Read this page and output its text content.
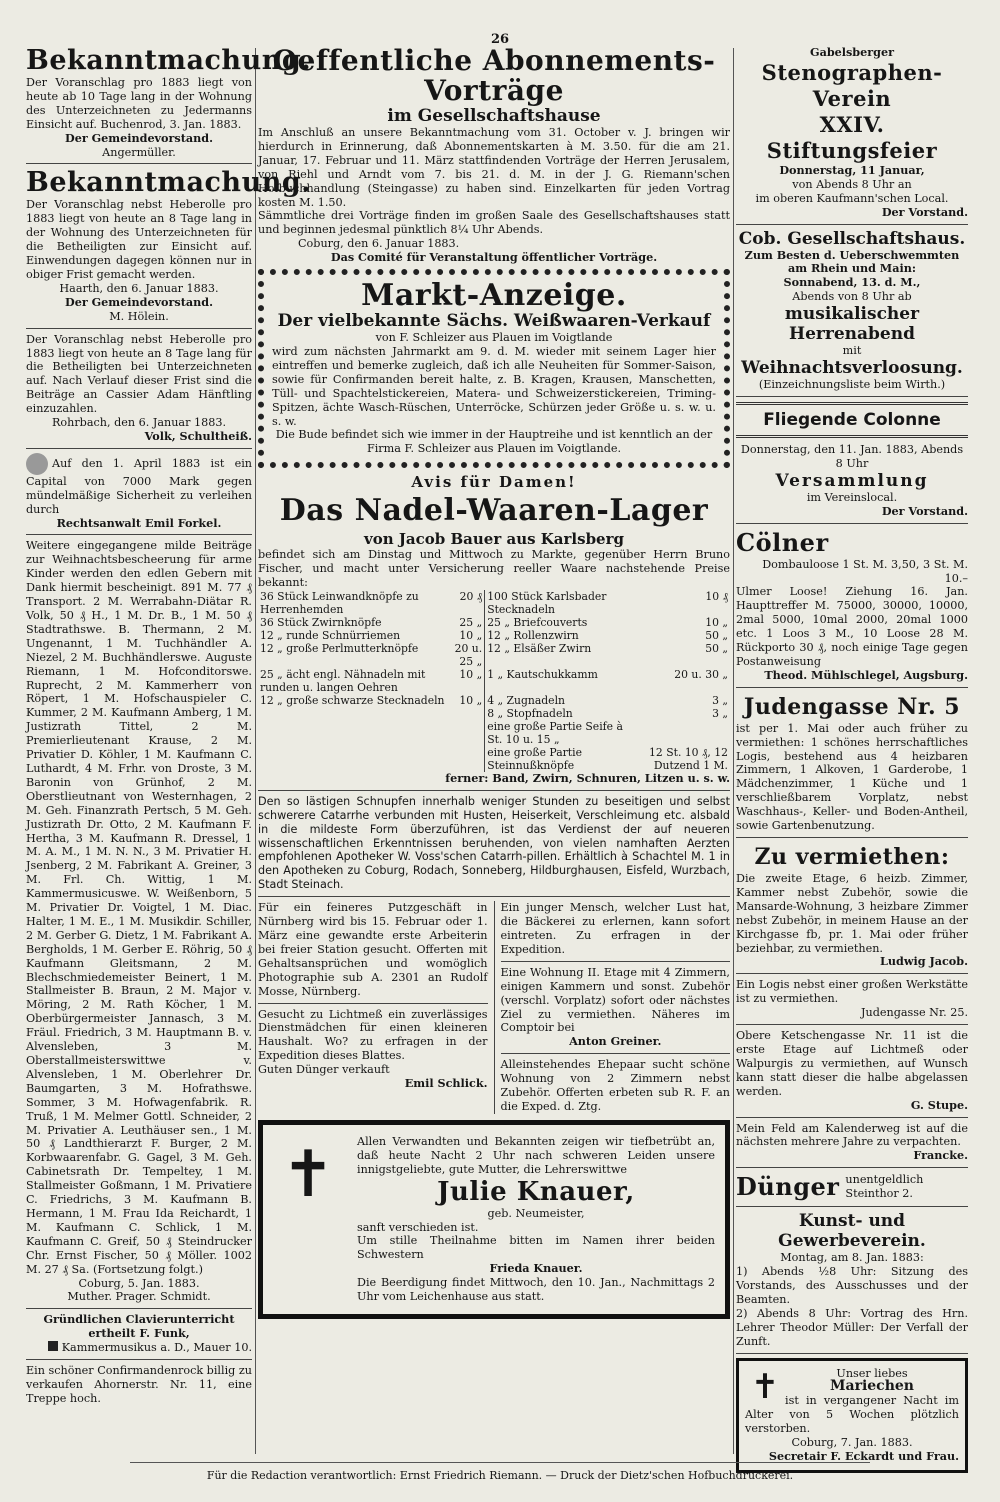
26
Bekanntmachung.

Der Voranschlag pro 1883 liegt von heute ab 10 Tage lang in der Wohnung des Unterzeichneten zu Jedermanns Einsicht auf. Buchenrod, 3. Jan. 1883.

Der Gemeindevorstand.

Angermüller.

Bekanntmachung.

Der Voranschlag nebst Heberolle pro 1883 liegt von heute an 8 Tage lang in der Wohnung des Unterzeichneten für die Betheiligten zur Einsicht auf. Einwendungen dagegen können nur in obiger Frist gemacht werden.

Haarth, den 6. Januar 1883.

Der Gemeindevorstand.

M. Hölein.

Der Voranschlag nebst Heberolle pro 1883 liegt von heute an 8 Tage lang für die Betheiligten bei Unterzeichneten auf. Nach Verlauf dieser Frist sind die Beiträge an Cassier Adam Hänftling einzuzahlen.

Rohrbach, den 6. Januar 1883.

Volk, Schultheiß.

Auf den 1. April 1883 ist ein Capital von 7000 Mark gegen mündelmäßige Sicherheit zu verleihen durch

Rechtsanwalt Emil Forkel.

Weitere eingegangene milde Beiträge zur Weihnachtsbescheerung für arme Kinder werden den edlen Gebern mit Dank hiermit bescheinigt. 891 M. 77 ₰ Transport. 2 M. Werrabahn-Diätar R. Volk, 50 ₰ H., 1 M. Dr. B., 1 M. 50 ₰ Stadtrathswe. B. Thermann, 2 M. Ungenannt, 1 M. Tuchhändler A. Niezel, 2 M. Buchhändlerswe. Auguste Riemann, 1 M. Hofconditorswe. Ruprecht, 2 M. Kammerherr von Röpert, 1 M. Hofschauspieler C. Kummer, 2 M. Kaufmann Amberg, 1 M. Justizrath Tittel, 2 M. Premierlieutenant Krause, 2 M. Privatier D. Köhler, 1 M. Kaufmann C. Luthardt, 4 M. Frhr. von Droste, 3 M. Baronin von Grünhof, 2 M. Oberstlieutnant von Westernhagen, 2 M. Geh. Finanzrath Pertsch, 5 M. Geh. Justizrath Dr. Otto, 2 M. Kaufmann F. Hertha, 3 M. Kaufmann R. Dressel, 1 M. A. M., 1 M. N. N., 3 M. Privatier H. Jsenberg, 2 M. Fabrikant A. Greiner, 3 M. Frl. Ch. Wittig, 1 M. Kammermusicuswe. W. Weißenborn, 5 M. Privatier Dr. Voigtel, 1 M. Diac. Halter, 1 M. E., 1 M. Musikdir. Schiller, 2 M. Gerber G. Dietz, 1 M. Fabrikant A. Bergholds, 1 M. Gerber E. Röhrig, 50 ₰ Kaufmann Gleitsmann, 2 M. Blechschmiedemeister Beinert, 1 M. Stallmeister B. Braun, 2 M. Major v. Möring, 2 M. Rath Köcher, 1 M. Oberbürgermeister Jannasch, 3 M. Fräul. Friedrich, 3 M. Hauptmann B. v. Alvensleben, 3 M. Oberstallmeisterswittwe v. Alvensleben, 1 M. Oberlehrer Dr. Baumgarten, 3 M. Hofrathswe. Sommer, 3 M. Hofwagenfabrik. R. Truß, 1 M. Melmer Gottl. Schneider, 2 M. Privatier A. Leuthäuser sen., 1 M. 50 ₰ Landthierarzt F. Burger, 2 M. Korbwaarenfabr. G. Gagel, 3 M. Geh. Cabinetsrath Dr. Tempeltey, 1 M. Stallmeister Goßmann, 1 M. Privatiere C. Friedrichs, 3 M. Kaufmann B. Hermann, 1 M. Frau Ida Reichardt, 1 M. Kaufmann C. Schlick, 1 M. Kaufmann C. Greif, 50 ₰ Steindrucker Chr. Ernst Fischer, 50 ₰ Möller. 1002 M. 27 ₰ Sa. (Fortsetzung folgt.)

Coburg, 5. Jan. 1883.

Muther. Prager. Schmidt.

Gründlichen Clavierunterricht

ertheilt F. Funk,

Kammermusikus a. D., Mauer 10.

Ein schöner Confirmandenrock billig zu verkaufen Ahornerstr. Nr. 11, eine Treppe hoch.

Oeffentliche Abonnements-Vorträge
im Gesellschaftshause

Im Anschluß an unsere Bekanntmachung vom 31. October v. J. bringen wir hierdurch in Erinnerung, daß Abonnementskarten à M. 3.50. für die am 21. Januar, 17. Februar und 11. März stattfindenden Vorträge der Herren Jerusalem, von Riehl und Arndt vom 7. bis 21. d. M. in der J. G. Riemann'schen Hofbuchhandlung (Steingasse) zu haben sind. Einzelkarten für jeden Vortrag kosten M. 1.50.

Sämmtliche drei Vorträge finden im großen Saale des Gesellschaftshauses statt und beginnen jedesmal pünktlich 8¼ Uhr Abends.

Coburg, den 6. Januar 1883.

Das Comité für Veranstaltung öffentlicher Vorträge.

Markt-Anzeige.
Der vielbekannte Sächs. Weißwaaren-Verkauf

von F. Schleizer aus Plauen im Voigtlande

wird zum nächsten Jahrmarkt am 9. d. M. wieder mit seinem Lager hier eintreffen und bemerke zugleich, daß ich alle Neuheiten für Sommer-Saison, sowie für Confirmanden bereit halte, z. B. Kragen, Krausen, Manschetten, Tüll- und Spachtelstickereien, Matera- und Schweizerstickereien, Triming-Spitzen, ächte Wasch-Rüschen, Unterröcke, Schürzen jeder Größe u. s. w. u. s. w.

Die Bude befindet sich wie immer in der Hauptreihe und ist kenntlich an der Firma F. Schleizer aus Plauen im Voigtlande.

Avis für Damen!

Das Nadel-Waaren-Lager

von Jacob Bauer aus Karlsberg

befindet sich am Dinstag und Mittwoch zu Markte, gegenüber Herrn Bruno Fischer, und macht unter Versicherung reeller Waare nachstehende Preise bekannt:

36 Stück Leinwandknöpfe zu Herrenhemden	20 ₰	100 Stück Karlsbader Stecknadeln	10 ₰
36 Stück Zwirnknöpfe	25 „	25 „ Briefcouverts	10 „
12 „ runde Schnürriemen	10 „	12 „ Rollenzwirn	50 „
12 „ große Perlmutterknöpfe	20 u. 25 „	12 „ Elsäßer Zwirn	50 „
25 „ ächt engl. Nähnadeln mit runden u. langen Oehren	10 „	1 „ Kautschukkamm	20 u. 30 „
12 „ große schwarze Stecknadeln	10 „	4 „ Zugnadeln	3 „
		8 „ Stopfnadeln	3 „
		eine große Partie Seife à St. 10 u. 15 „	
		eine große Partie Steinnußknöpfe	12 St. 10 ₰, 12 Dutzend 1 M.

ferner: Band, Zwirn, Schnuren, Litzen u. s. w.

Den so lästigen Schnupfen innerhalb weniger Stunden zu beseitigen und selbst schwerere Catarrhe verbunden mit Husten, Heiserkeit, Verschleimung etc. alsbald in die mildeste Form überzuführen, ist das Verdienst der auf neueren wissenschaftlichen Erkenntnissen beruhenden, von vielen namhaften Aerzten empfohlenen Apotheker W. Voss'schen Catarrh-pillen. Erhältlich à Schachtel M. 1 in den Apotheken zu Coburg, Rodach, Sonneberg, Hildburghausen, Eisfeld, Wurzbach, Stadt Steinach.

Für ein feineres Putzgeschäft in Nürnberg wird bis 15. Februar oder 1. März eine gewandte erste Arbeiterin bei freier Station gesucht. Offerten mit Gehaltsansprüchen und womöglich Photographie sub A. 2301 an Rudolf Mosse, Nürnberg.

Gesucht zu Lichtmeß ein zuverlässiges Dienstmädchen für einen kleineren Haushalt. Wo? zu erfragen in der Expedition dieses Blattes.

Guten Dünger verkauft

Emil Schlick.

Ein junger Mensch, welcher Lust hat, die Bäckerei zu erlernen, kann sofort eintreten. Zu erfragen in der Expedition.

Eine Wohnung II. Etage mit 4 Zimmern, einigen Kammern und sonst. Zubehör (verschl. Vorplatz) sofort oder nächstes Ziel zu vermiethen. Näheres im Comptoir bei

Anton Greiner.

Alleinstehendes Ehepaar sucht schöne Wohnung von 2 Zimmern nebst Zubehör. Offerten erbeten sub R. F. an die Exped. d. Ztg.

✝	Allen Verwandten und Bekannten zeigen wir tiefbetrübt an, daß heute Nacht 2 Uhr nach schweren Leiden unsere innigstgeliebte, gute Mutter, die Lehrerswittwe

Julie Knauer,

geb. Neumeister,

sanft verschieden ist.

Um stille Theilnahme bitten im Namen ihrer beiden Schwestern

Frieda Knauer.

Die Beerdigung findet Mittwoch, den 10. Jan., Nachmittags 2 Uhr vom Leichenhause aus statt.

Gabelsberger

Stenographen-Verein
XXIV. Stiftungsfeier

Donnerstag, 11 Januar,

von Abends 8 Uhr an

im oberen Kaufmann'schen Local.

Der Vorstand.

Cob. Gesellschaftshaus.

Zum Besten d. Ueberschwemmten am Rhein und Main:

Sonnabend, 13. d. M.,

Abends von 8 Uhr ab

musikalischer Herrenabend

mit

Weihnachtsverloosung.

(Einzeichnungsliste beim Wirth.)

Fliegende Colonne

Donnerstag, den 11. Jan. 1883, Abends 8 Uhr

Versammlung

im Vereinslocal.

Der Vorstand.

Cölner

Dombauloose 1 St. M. 3,50, 3 St. M. 10.–

Ulmer Loose! Ziehung 16. Jan. Haupttreffer M. 75000, 30000, 10000, 2mal 5000, 10mal 2000, 20mal 1000 etc. 1 Loos 3 M., 10 Loose 28 M. Rückporto 30 ₰, noch einige Tage gegen Postanweisung

Theod. Mühlschlegel, Augsburg.

Judengasse Nr. 5

ist per 1. Mai oder auch früher zu vermiethen: 1 schönes herrschaftliches Logis, bestehend aus 4 heizbaren Zimmern, 1 Alkoven, 1 Garderobe, 1 Mädchenzimmer, 1 Küche und 1 verschließbarem Vorplatz, nebst Waschhaus-, Keller- und Boden-Antheil, sowie Gartenbenutzung.

Zu vermiethen:

Die zweite Etage, 6 heizb. Zimmer, Kammer nebst Zubehör, sowie die Mansarde-Wohnung, 3 heizbare Zimmer nebst Zubehör, in meinem Hause an der Kirchgasse fb, pr. 1. Mai oder früher beziehbar, zu vermiethen.

Ludwig Jacob.

Ein Logis nebst einer großen Werkstätte ist zu vermiethen.

Judengasse Nr. 25.

Obere Ketschengasse Nr. 11 ist die erste Etage auf Lichtmeß oder Walpurgis zu vermiethen, auf Wunsch kann statt dieser die halbe abgelassen werden.

G. Stupe.

Mein Feld am Kalenderweg ist auf die nächsten mehrere Jahre zu verpachten.

Francke.

Dünger unentgeldlich Steinthor 2.

Kunst- und Gewerbeverein.

Montag, am 8. Jan. 1883:

1) Abends ½8 Uhr: Sitzung des Vorstands, des Ausschusses und der Beamten.

2) Abends 8 Uhr: Vortrag des Hrn. Lehrer Theodor Müller: Der Verfall der Zunft.

✝	Unser liebes

Mariechen

ist in vergangener Nacht im Alter von 5 Wochen plötzlich verstorben.

Coburg, 7. Jan. 1883.

Secretair F. Eckardt und Frau.

Für die Redaction verantwortlich: Ernst Friedrich Riemann. — Druck der Dietz'schen Hofbuchdruckerei.
